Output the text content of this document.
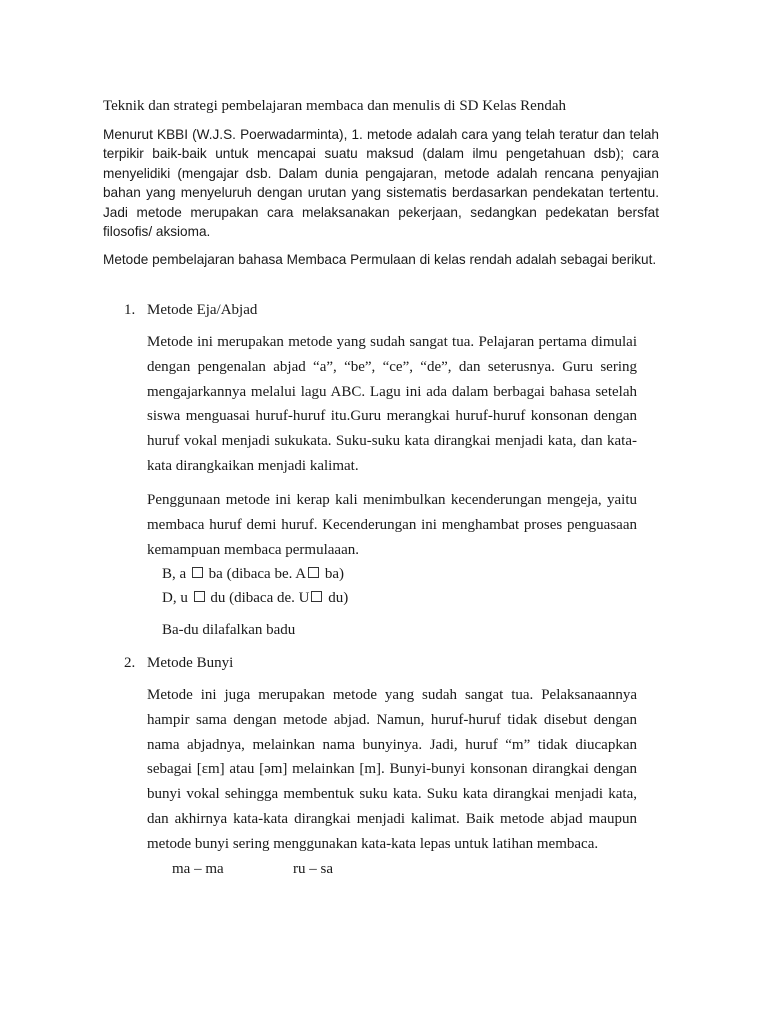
Teknik dan strategi pembelajaran membaca dan menulis di SD Kelas Rendah
Menurut KBBI (W.J.S. Poerwadarminta), 1. metode adalah cara yang telah teratur dan telah terpikir baik-baik untuk mencapai suatu maksud (dalam ilmu pengetahuan dsb); cara menyelidiki (mengajar dsb. Dalam dunia pengajaran, metode adalah rencana penyajian bahan yang menyeluruh dengan urutan yang sistematis berdasarkan pendekatan tertentu. Jadi metode merupakan cara melaksanakan pekerjaan, sedangkan pedekatan bersfat filosofis/ aksioma.
Metode pembelajaran bahasa Membaca Permulaan di kelas rendah adalah sebagai berikut.
1. Metode Eja/Abjad
Metode ini merupakan metode yang sudah sangat tua. Pelajaran pertama dimulai dengan pengenalan abjad “a”, “be”, “ce”, “de”, dan seterusnya. Guru sering mengajarkannya melalui lagu ABC. Lagu ini ada dalam berbagai bahasa setelah siswa menguasai huruf-huruf itu.Guru merangkai huruf-huruf konsonan dengan huruf vokal menjadi sukukata. Suku-suku kata dirangkai menjadi kata, dan kata-kata dirangkaikan menjadi kalimat.
Penggunaan metode ini kerap kali menimbulkan kecenderungan mengeja, yaitu membaca huruf demi huruf. Kecenderungan ini menghambat proses penguasaan kemampuan membaca permulaaan.
B, a ba (dibaca be. A ba)
D, u du (dibaca de. U du)
Ba-du dilafalkan badu
2. Metode Bunyi
Metode ini juga merupakan metode yang sudah sangat tua. Pelaksanaannya hampir sama dengan metode abjad. Namun, huruf-huruf tidak disebut dengan nama abjadnya, melainkan nama bunyinya. Jadi, huruf “m” tidak diucapkan sebagai [εm] atau [əm] melainkan [m]. Bunyi-bunyi konsonan dirangkai dengan bunyi vokal sehingga membentuk suku kata. Suku kata dirangkai menjadi kata, dan akhirnya kata-kata dirangkai menjadi kalimat. Baik metode abjad maupun metode bunyi sering menggunakan kata-kata lepas untuk latihan membaca.
ma – ma	ru – sa
